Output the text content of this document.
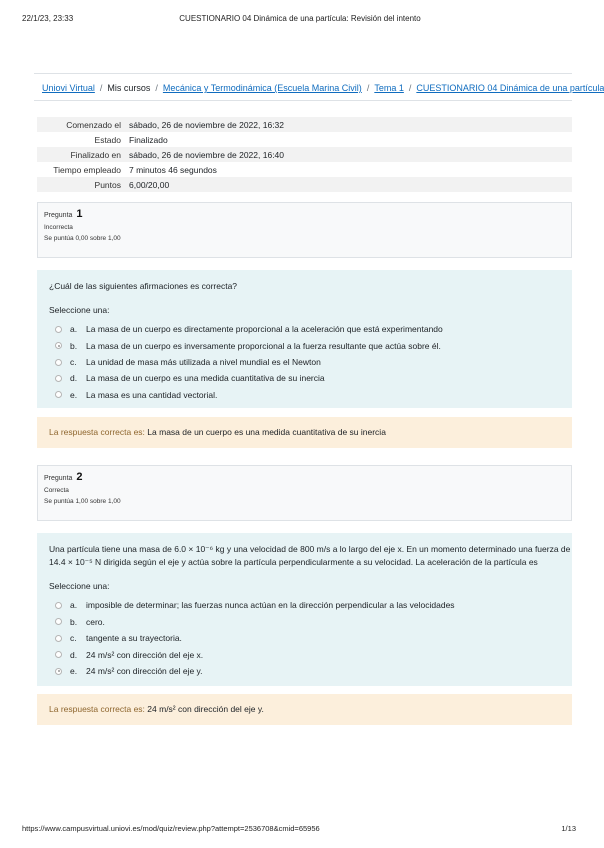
22/1/23, 23:33	CUESTIONARIO 04 Dinámica de una partícula: Revisión del intento
Uniovi Virtual / Mis cursos / Mecánica y Termodinámica (Escuela Marina Civil) / Tema 1 / CUESTIONARIO 04 Dinámica de una partícula
Comenzado el	sábado, 26 de noviembre de 2022, 16:32
Estado	Finalizado
Finalizado en	sábado, 26 de noviembre de 2022, 16:40
Tiempo empleado	7 minutos 46 segundos
Puntos	6,00/20,00
Pregunta 1
Incorrecta
Se puntúa 0,00 sobre 1,00

¿Cuál de las siguientes afirmaciones es correcta?

Seleccione una:
a.	La masa de un cuerpo es directamente proporcional a la aceleración que está experimentando
b.	La masa de un cuerpo es inversamente proporcional a la fuerza resultante que actúa sobre él.
c.	La unidad de masa más utilizada a nivel mundial es el Newton
d.	La masa de un cuerpo es una medida cuantitativa de su inercia
e.	La masa es una cantidad vectorial.
La respuesta correcta es: La masa de un cuerpo es una medida cuantitativa de su inercia
Pregunta 2
Correcta
Se puntúa 1,00 sobre 1,00

Una partícula tiene una masa de 6.0 × 10⁻⁶ kg y una velocidad de 800 m/s a lo largo del eje x. En un momento determinado una fuerza de
14.4 × 10⁻⁵ N dirigida según el eje y actúa sobre la partícula perpendicularmente a su velocidad. La aceleración de la partícula es

Seleccione una:
a.	imposible de determinar; las fuerzas nunca actúan en la dirección perpendicular a las velocidades
b.	cero.
c.	tangente a su trayectoria.
d.	24 m/s² con dirección del eje x.
e.	24 m/s² con dirección del eje y.
La respuesta correcta es: 24 m/s² con dirección del eje y.
https://www.campusvirtual.uniovi.es/mod/quiz/review.php?attempt=2536708&cmid=65956	1/13
